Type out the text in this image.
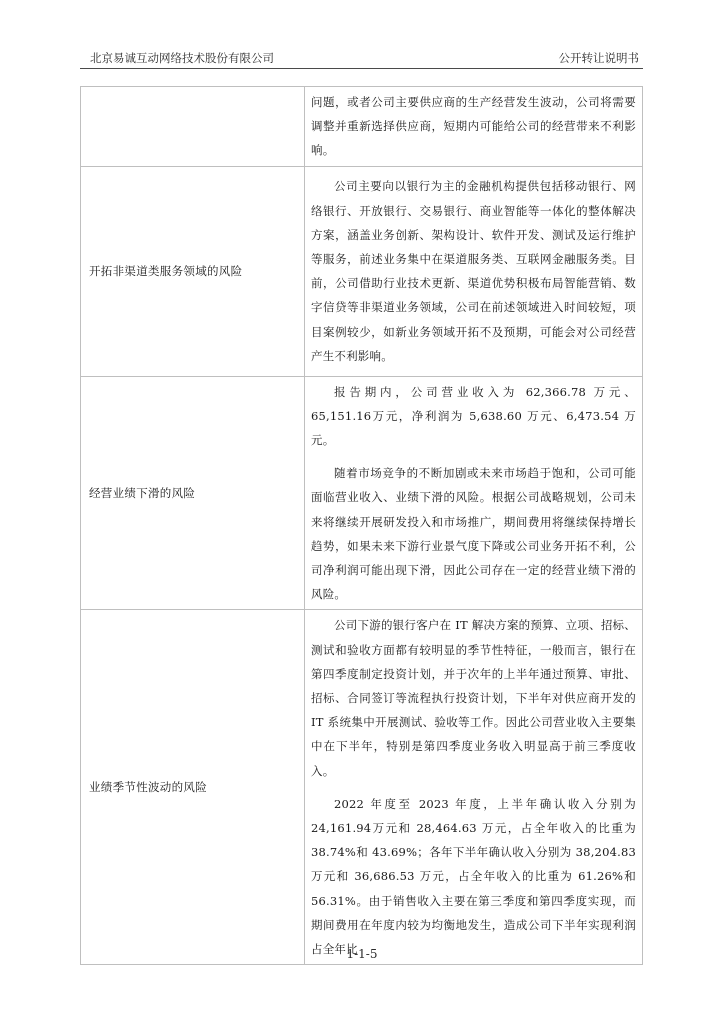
北京易诚互动网络技术股份有限公司	公开转让说明书

	问题，或者公司主要供应商的生产经营发生波动，公司将需要调整并重新选择供应商，短期内可能给公司的经营带来不利影响。

开拓非渠道类服务领域的风险	公司主要向以银行为主的金融机构提供包括移动银行、网络银行、开放银行、交易银行、商业智能等一体化的整体解决方案，涵盖业务创新、架构设计、软件开发、测试及运行维护等服务，前述业务集中在渠道服务类、互联网金融服务类。目前，公司借助行业技术更新、渠道优势积极布局智能营销、数字信贷等非渠道业务领域，公司在前述领域进入时间较短，项目案例较少，如新业务领域开拓不及预期，可能会对公司经营产生不利影响。

经营业绩下滑的风险	报告期内，公司营业收入为 62,366.78 万元、65,151.16万元，净利润为 5,638.60 万元、6,473.54 万元。

随着市场竞争的不断加剧或未来市场趋于饱和，公司可能面临营业收入、业绩下滑的风险。根据公司战略规划，公司未来将继续开展研发投入和市场推广，期间费用将继续保持增长趋势，如果未来下游行业景气度下降或公司业务开拓不利，公司净利润可能出现下滑，因此公司存在一定的经营业绩下滑的风险。

业绩季节性波动的风险	公司下游的银行客户在 IT 解决方案的预算、立项、招标、测试和验收方面都有较明显的季节性特征，一般而言，银行在第四季度制定投资计划，并于次年的上半年通过预算、审批、招标、合同签订等流程执行投资计划，下半年对供应商开发的 IT 系统集中开展测试、验收等工作。因此公司营业收入主要集中在下半年，特别是第四季度业务收入明显高于前三季度收入。

2022 年度至 2023 年度，上半年确认收入分别为 24,161.94万元和 28,464.63 万元，占全年收入的比重为 38.74%和 43.69%；各年下半年确认收入分别为 38,204.83 万元和 36,686.53 万元，占全年收入的比重为 61.26%和 56.31%。由于销售收入主要在第三季度和第四季度实现，而期间费用在年度内较为均衡地发生，造成公司下半年实现利润占全年比

1-1-5
